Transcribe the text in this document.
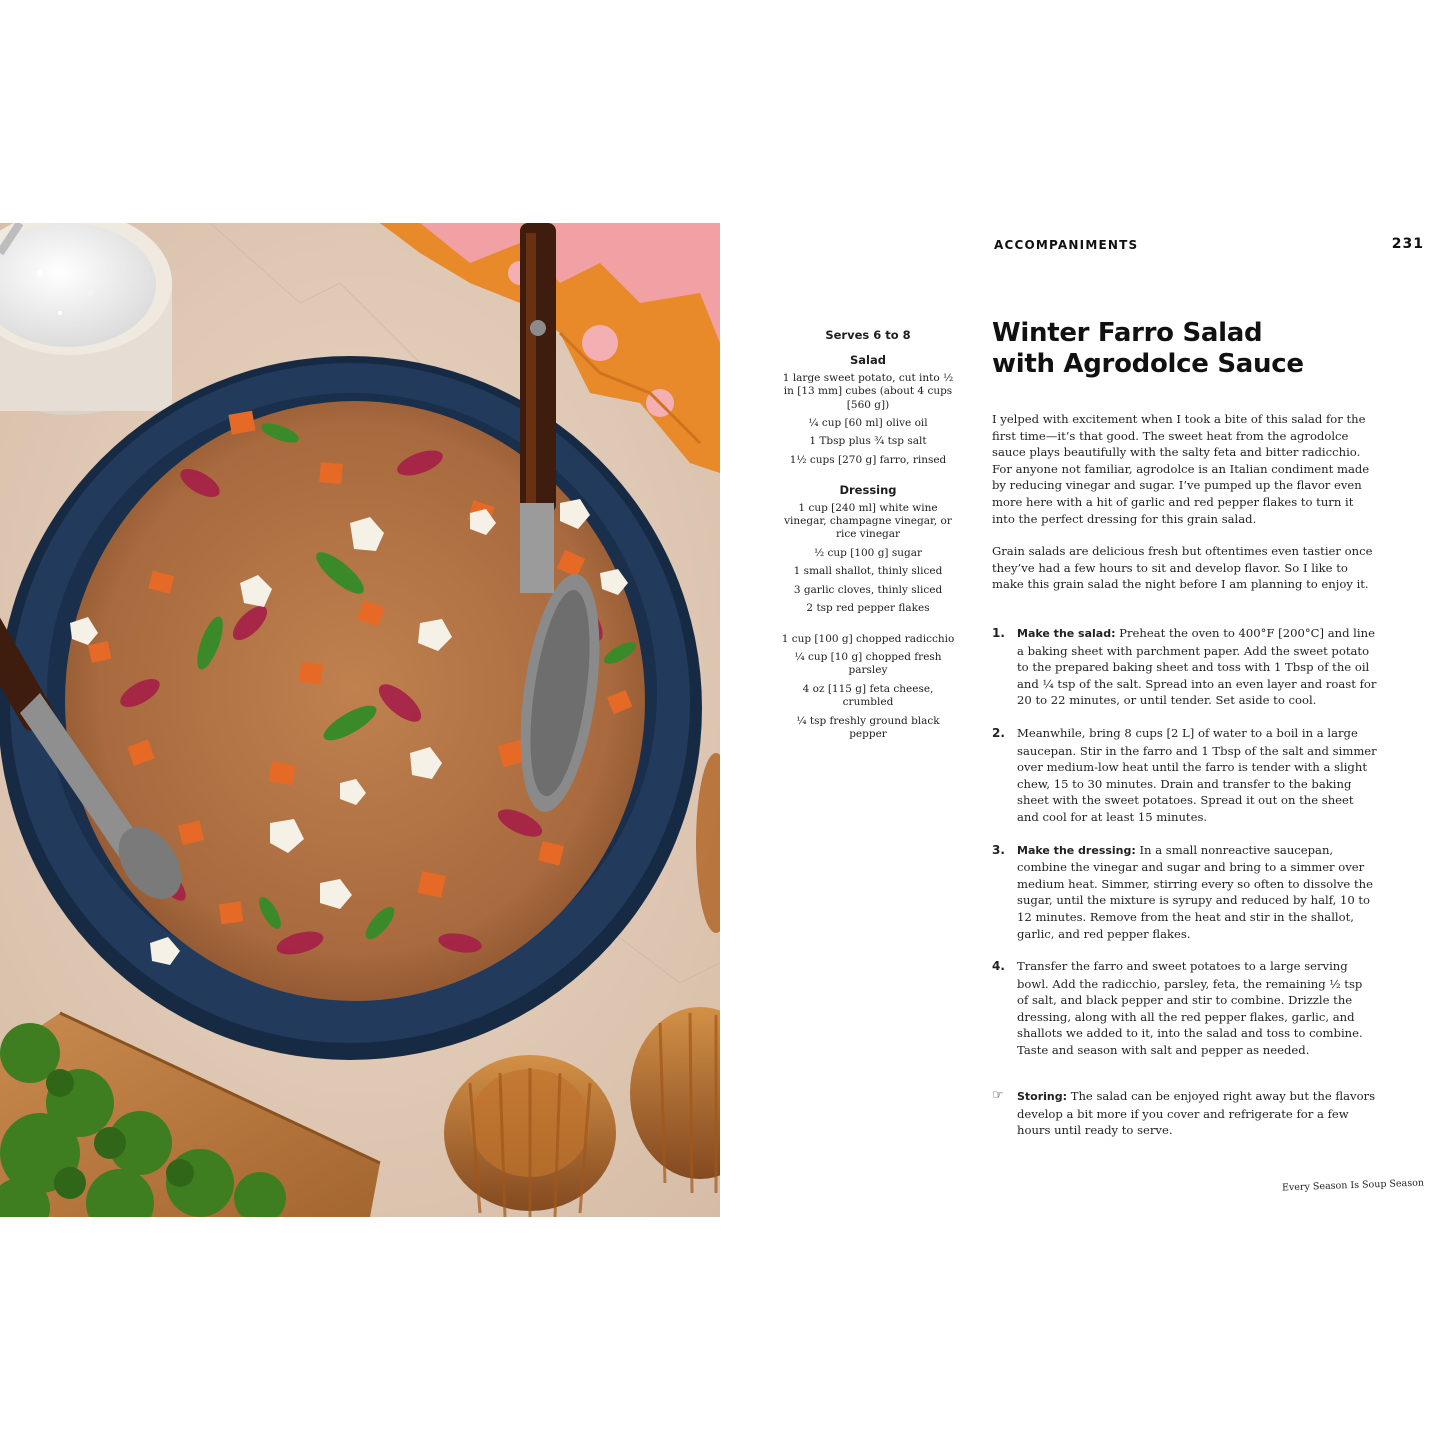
ACCOMPANIMENTS	231
Serves 6 to 8
Salad
1 large sweet potato, cut into ½ in [13 mm] cubes (about 4 cups [560 g])
¼ cup [60 ml] olive oil
1 Tbsp plus ¾ tsp salt
1½ cups [270 g] farro, rinsed
Dressing
1 cup [240 ml] white wine vinegar, champagne vinegar, or rice vinegar
½ cup [100 g] sugar
1 small shallot, thinly sliced
3 garlic cloves, thinly sliced
2 tsp red pepper flakes
1 cup [100 g] chopped radicchio
¼ cup [10 g] chopped fresh parsley
4 oz [115 g] feta cheese, crumbled
¼ tsp freshly ground black pepper
Winter Farro Salad
with Agrodolce Sauce

I yelped with excitement when I took a bite of this salad for the first time—it’s that good. The sweet heat from the agrodolce sauce plays beautifully with the salty feta and bitter radicchio. For anyone not familiar, agrodolce is an Italian condiment made by reducing vinegar and sugar. I’ve pumped up the flavor even more here with a hit of garlic and red pepper flakes to turn it into the perfect dressing for this grain salad.

Grain salads are delicious fresh but oftentimes even tastier once they’ve had a few hours to sit and develop flavor. So I like to make this grain salad the night before I am planning to enjoy it.

1. Make the salad: Preheat the oven to 400°F [200°C] and line a baking sheet with parchment paper. Add the sweet potato to the prepared baking sheet and toss with 1 Tbsp of the oil and ¼ tsp of the salt. Spread into an even layer and roast for 20 to 22 minutes, or until tender. Set aside to cool.
2. Meanwhile, bring 8 cups [2 L] of water to a boil in a large saucepan. Stir in the farro and 1 Tbsp of the salt and simmer over medium-low heat until the farro is tender with a slight chew, 15 to 30 minutes. Drain and transfer to the baking sheet with the sweet potatoes. Spread it out on the sheet and cool for at least 15 minutes.
3. Make the dressing: In a small nonreactive saucepan, combine the vinegar and sugar and bring to a simmer over medium heat. Simmer, stirring every so often to dissolve the sugar, until the mixture is syrupy and reduced by half, 10 to 12 minutes. Remove from the heat and stir in the shallot, garlic, and red pepper flakes.
4. Transfer the farro and sweet potatoes to a large serving bowl. Add the radicchio, parsley, feta, the remaining ½ tsp of salt, and black pepper and stir to combine. Drizzle the dressing, along with all the red pepper flakes, garlic, and shallots we added to it, into the salad and toss to combine. Taste and season with salt and pepper as needed.
☞ Storing: The salad can be enjoyed right away but the flavors develop a bit more if you cover and refrigerate for a few hours until ready to serve.
Every Season Is Soup Season
